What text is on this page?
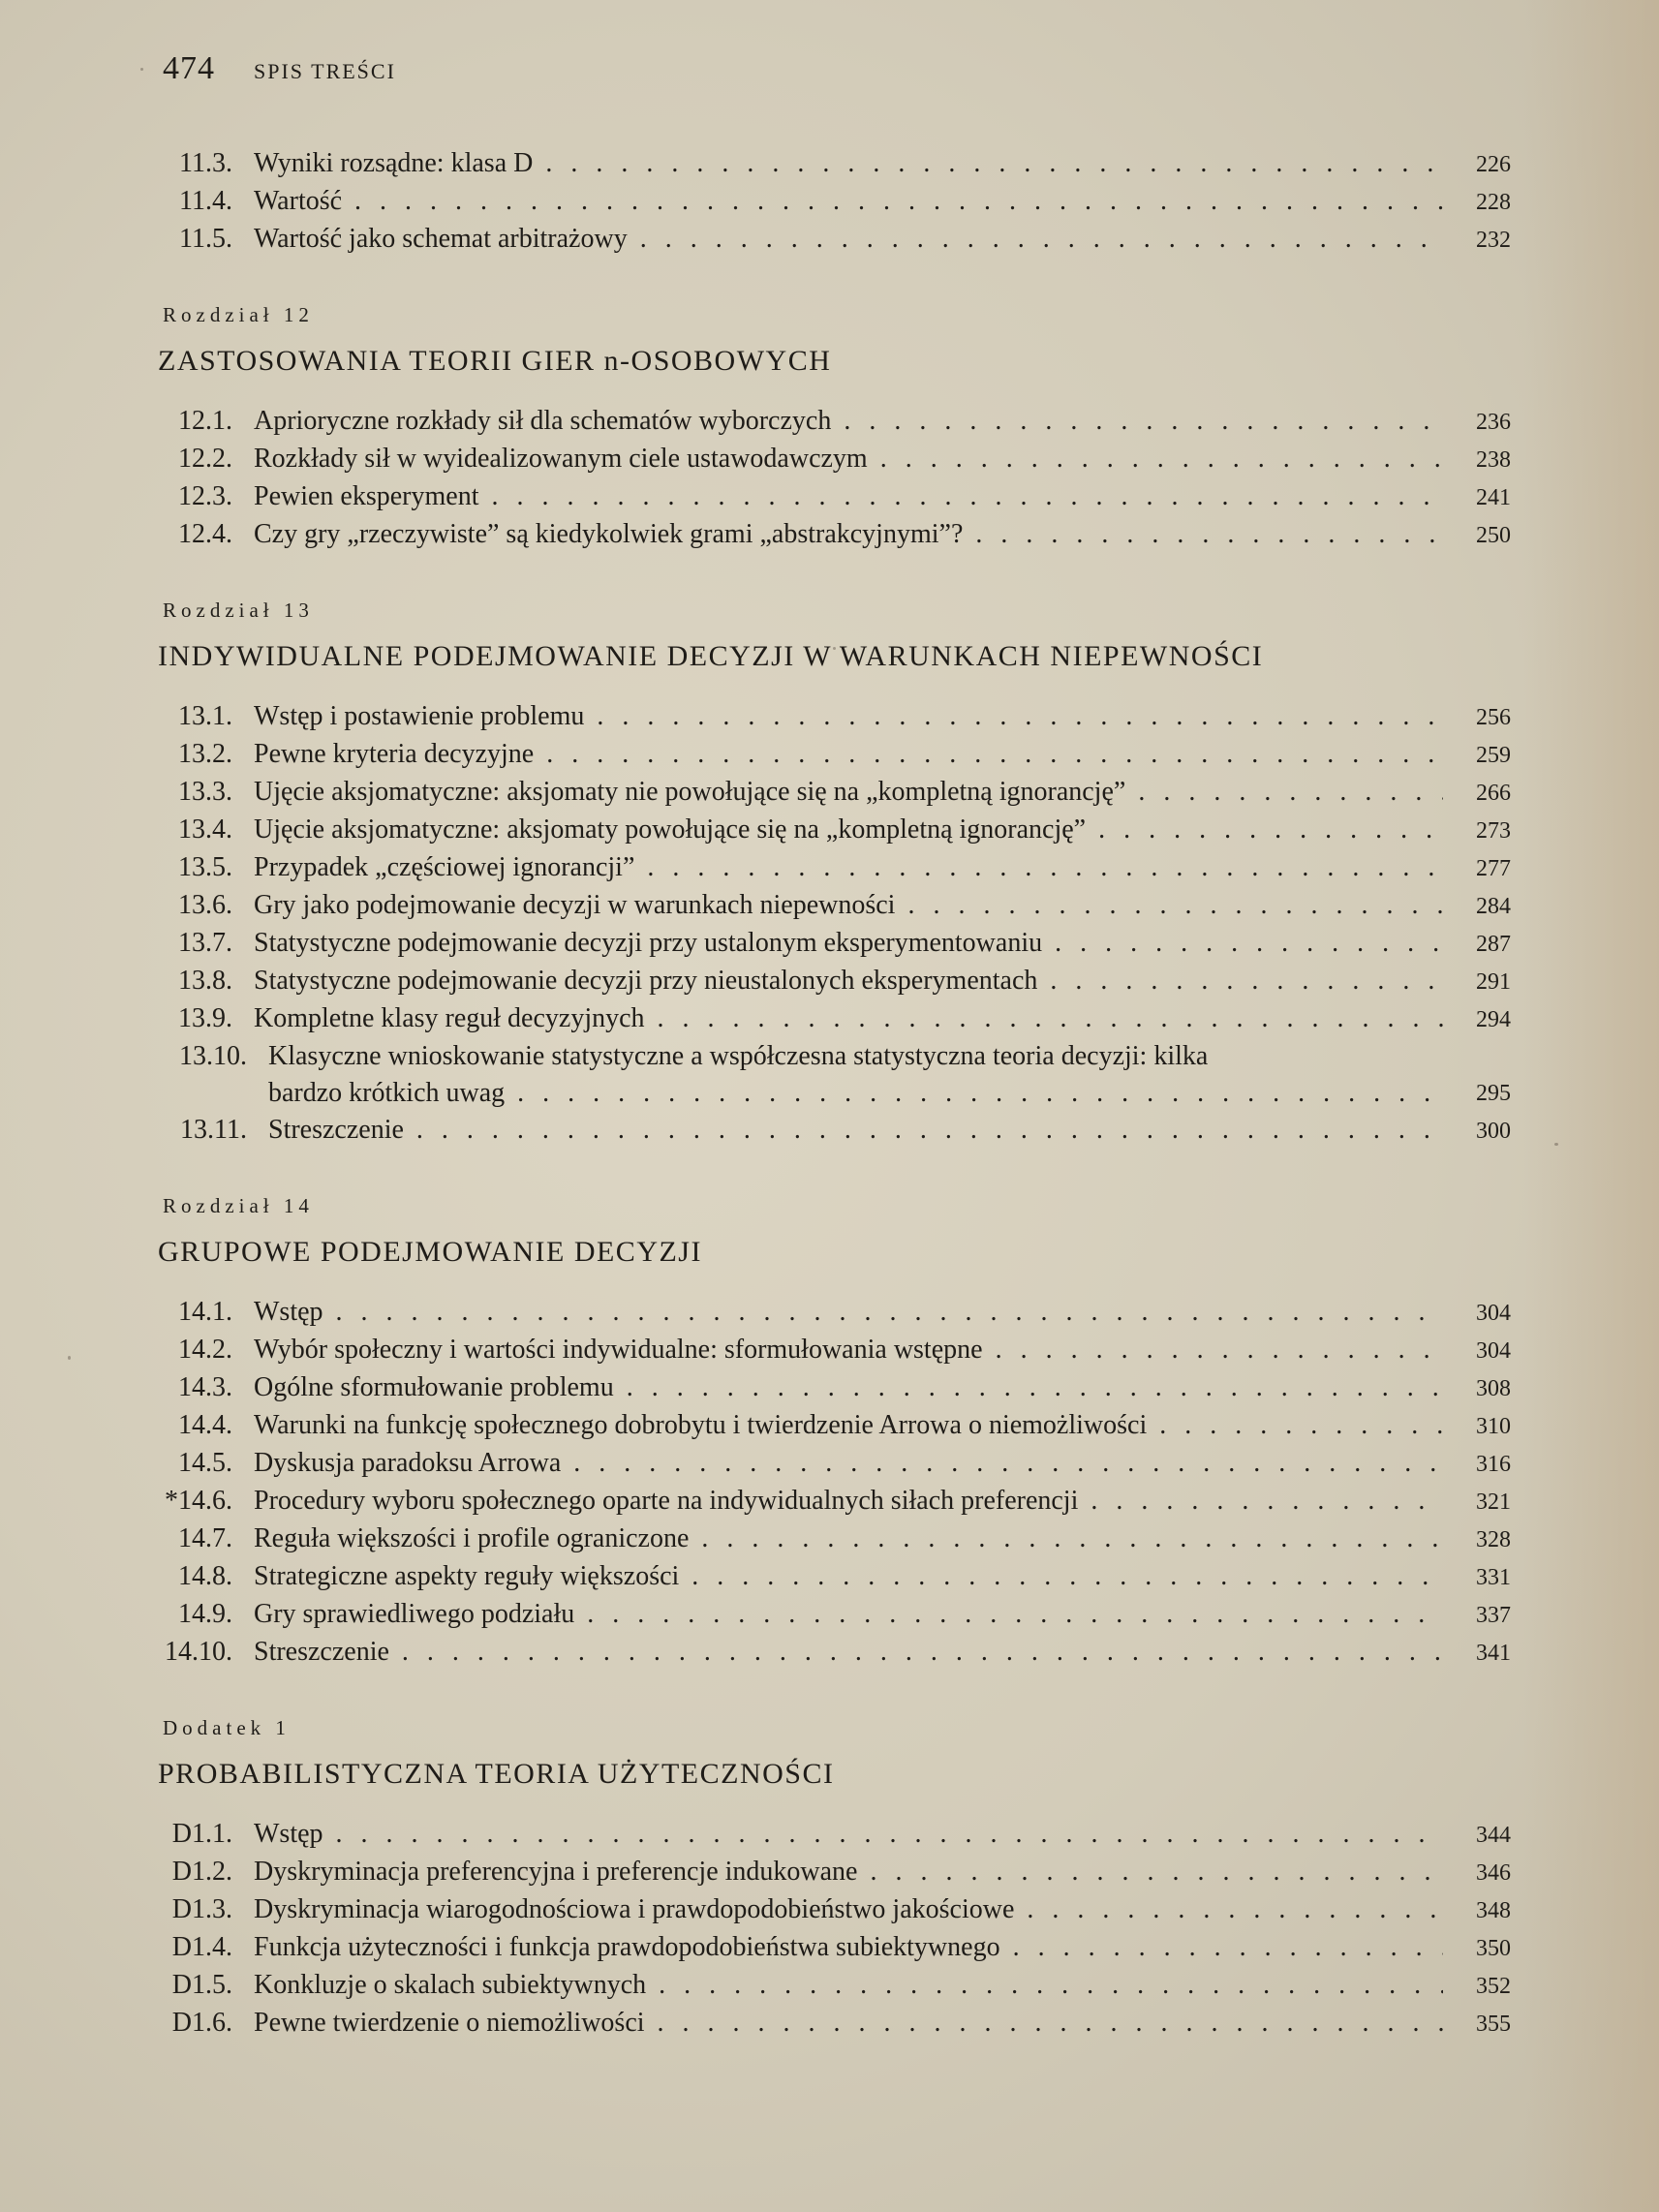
474 SPIS TREŚCI
11.3. Wyniki rozsądne: klasa D . . .	226
11.4. Wartość . . .	228
11.5. Wartość jako schemat arbitrażowy . . .	232
Rozdział 12
ZASTOSOWANIA TEORII GIER n-OSOBOWYCH
12.1. Aprioryczne rozkłady sił dla schematów wyborczych . . .	236
12.2. Rozkłady sił w wyidealizowanym ciele ustawodawczym . . .	238
12.3. Pewien eksperyment . . .	241
12.4. Czy gry „rzeczywiste” są kiedykolwiek grami „abstrakcyjnymi”? . . .	250
Rozdział 13
INDYWIDUALNE PODEJMOWANIE DECYZJI W WARUNKACH NIEPEWNOŚCI
13.1. Wstęp i postawienie problemu . . .	256
13.2. Pewne kryteria decyzyjne . . .	259
13.3. Ujęcie aksjomatyczne: aksjomaty nie powołujące się na „kompletną ignorancję” . . .	266
13.4. Ujęcie aksjomatyczne: aksjomaty powołujące się na „kompletną ignorancję” . . .	273
13.5. Przypadek „częściowej ignorancji” . . .	277
13.6. Gry jako podejmowanie decyzji w warunkach niepewności . . .	284
13.7. Statystyczne podejmowanie decyzji przy ustalonym eksperymentowaniu . . .	287
13.8. Statystyczne podejmowanie decyzji przy nieustalonych eksperymentach . . .	291
13.9. Kompletne klasy reguł decyzyjnych . . .	294
13.10. Klasyczne wnioskowanie statystyczne a współczesna statystyczna teoria decyzji: kilka
bardzo krótkich uwag . . .	295
13.11. Streszczenie . . .	300
Rozdział 14
GRUPOWE PODEJMOWANIE DECYZJI
14.1. Wstęp . . .	304
14.2. Wybór społeczny i wartości indywidualne: sformułowania wstępne . . .	304
14.3. Ogólne sformułowanie problemu . . .	308
14.4. Warunki na funkcję społecznego dobrobytu i twierdzenie Arrowa o niemożliwości . . .	310
14.5. Dyskusja paradoksu Arrowa . . .	316
*14.6. Procedury wyboru społecznego oparte na indywidualnych siłach preferencji . . .	321
14.7. Reguła większości i profile ograniczone . . .	328
14.8. Strategiczne aspekty reguły większości . . .	331
14.9. Gry sprawiedliwego podziału . . .	337
14.10. Streszczenie . . .	341
Dodatek 1
PROBABILISTYCZNA TEORIA UŻYTECZNOŚCI
D1.1. Wstęp . . .	344
D1.2. Dyskryminacja preferencyjna i preferencje indukowane . . .	346
D1.3. Dyskryminacja wiarogodnościowa i prawdopodobieństwo jakościowe . . .	348
D1.4. Funkcja użyteczności i funkcja prawdopodobieństwa subiektywnego . . .	350
D1.5. Konkluzje o skalach subiektywnych . . .	352
D1.6. Pewne twierdzenie o niemożliwości . . .	355
